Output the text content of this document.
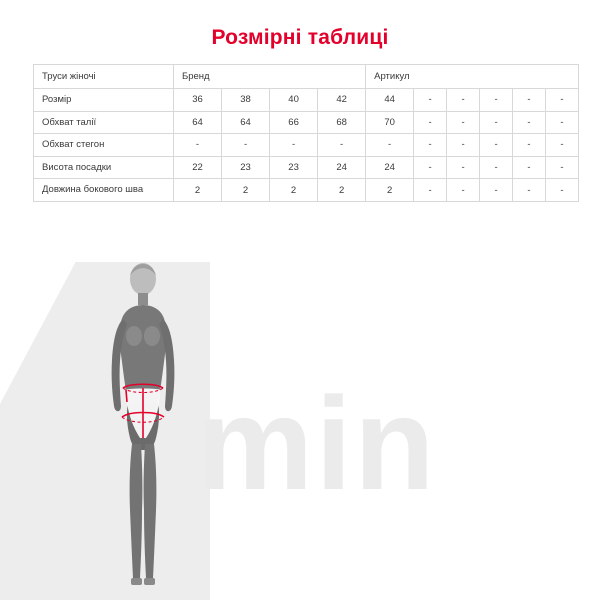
Розмірні таблиці
Труси жіночі	Бренд				Артикул					
Розмір	36	38	40	42	44	-	-	-	-	-
Обхват талії	64	64	66	68	70	-	-	-	-	-
Обхват стегон	-	-	-	-	-	-	-	-	-	-
Висота посадки	22	23	23	24	24	-	-	-	-	-
Довжина бокового шва	2	2	2	2	2	-	-	-	-	-
min
